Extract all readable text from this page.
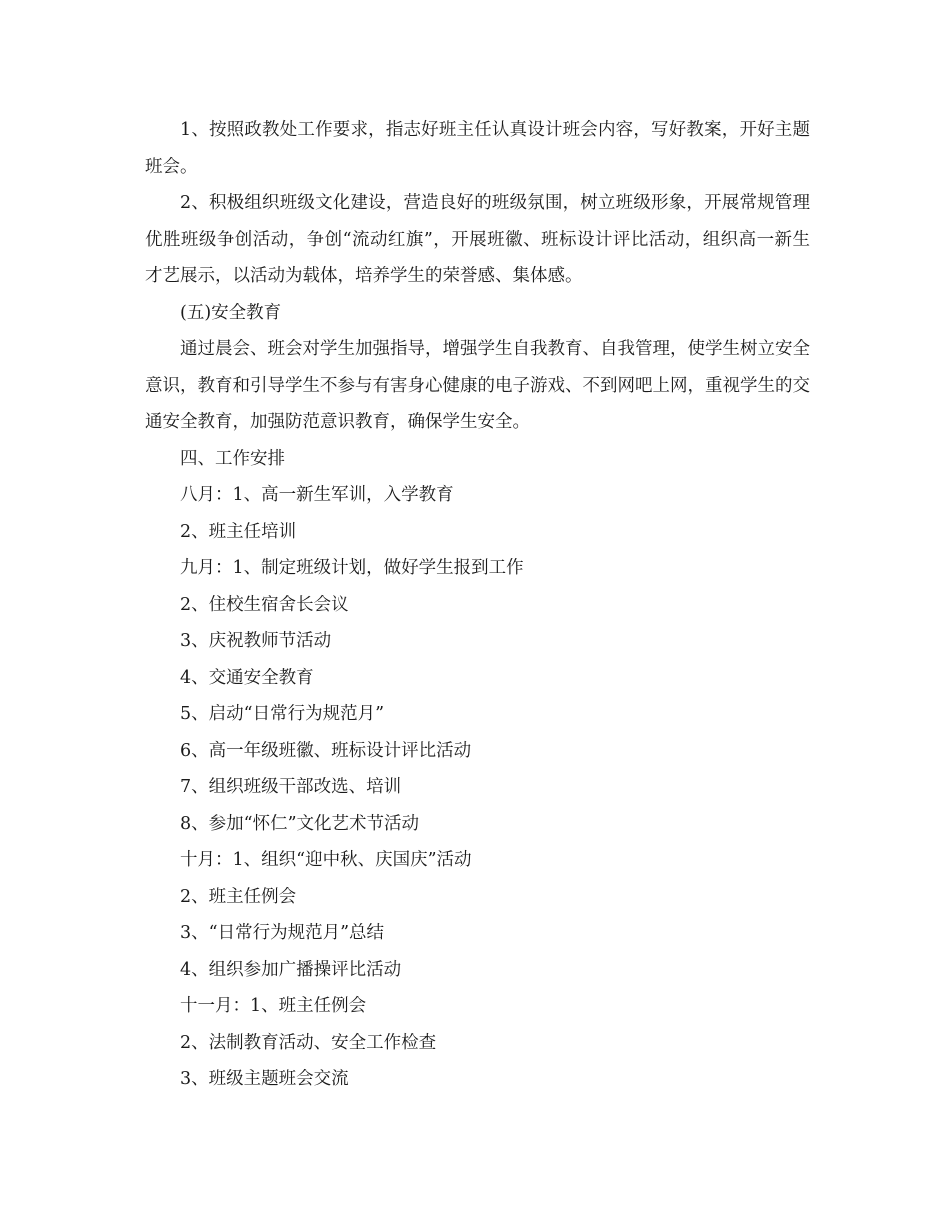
1、按照政教处工作要求，指志好班主任认真设计班会内容，写好教案，开好主题班会。

2、积极组织班级文化建设，营造良好的班级氛围，树立班级形象，开展常规管理优胜班级争创活动，争创“流动红旗”，开展班徽、班标设计评比活动，组织高一新生才艺展示，以活动为载体，培养学生的荣誉感、集体感。

(五)安全教育

通过晨会、班会对学生加强指导，增强学生自我教育、自我管理，使学生树立安全意识，教育和引导学生不参与有害身心健康的电子游戏、不到网吧上网，重视学生的交通安全教育，加强防范意识教育，确保学生安全。

四、工作安排
八月：1、高一新生军训，入学教育
2、班主任培训
九月：1、制定班级计划，做好学生报到工作
2、住校生宿舍长会议
3、庆祝教师节活动
4、交通安全教育
5、启动“日常行为规范月”
6、高一年级班徽、班标设计评比活动
7、组织班级干部改选、培训
8、参加“怀仁”文化艺术节活动
十月：1、组织“迎中秋、庆国庆”活动
2、班主任例会
3、“日常行为规范月”总结
4、组织参加广播操评比活动
十一月：1、班主任例会
2、法制教育活动、安全工作检查
3、班级主题班会交流
